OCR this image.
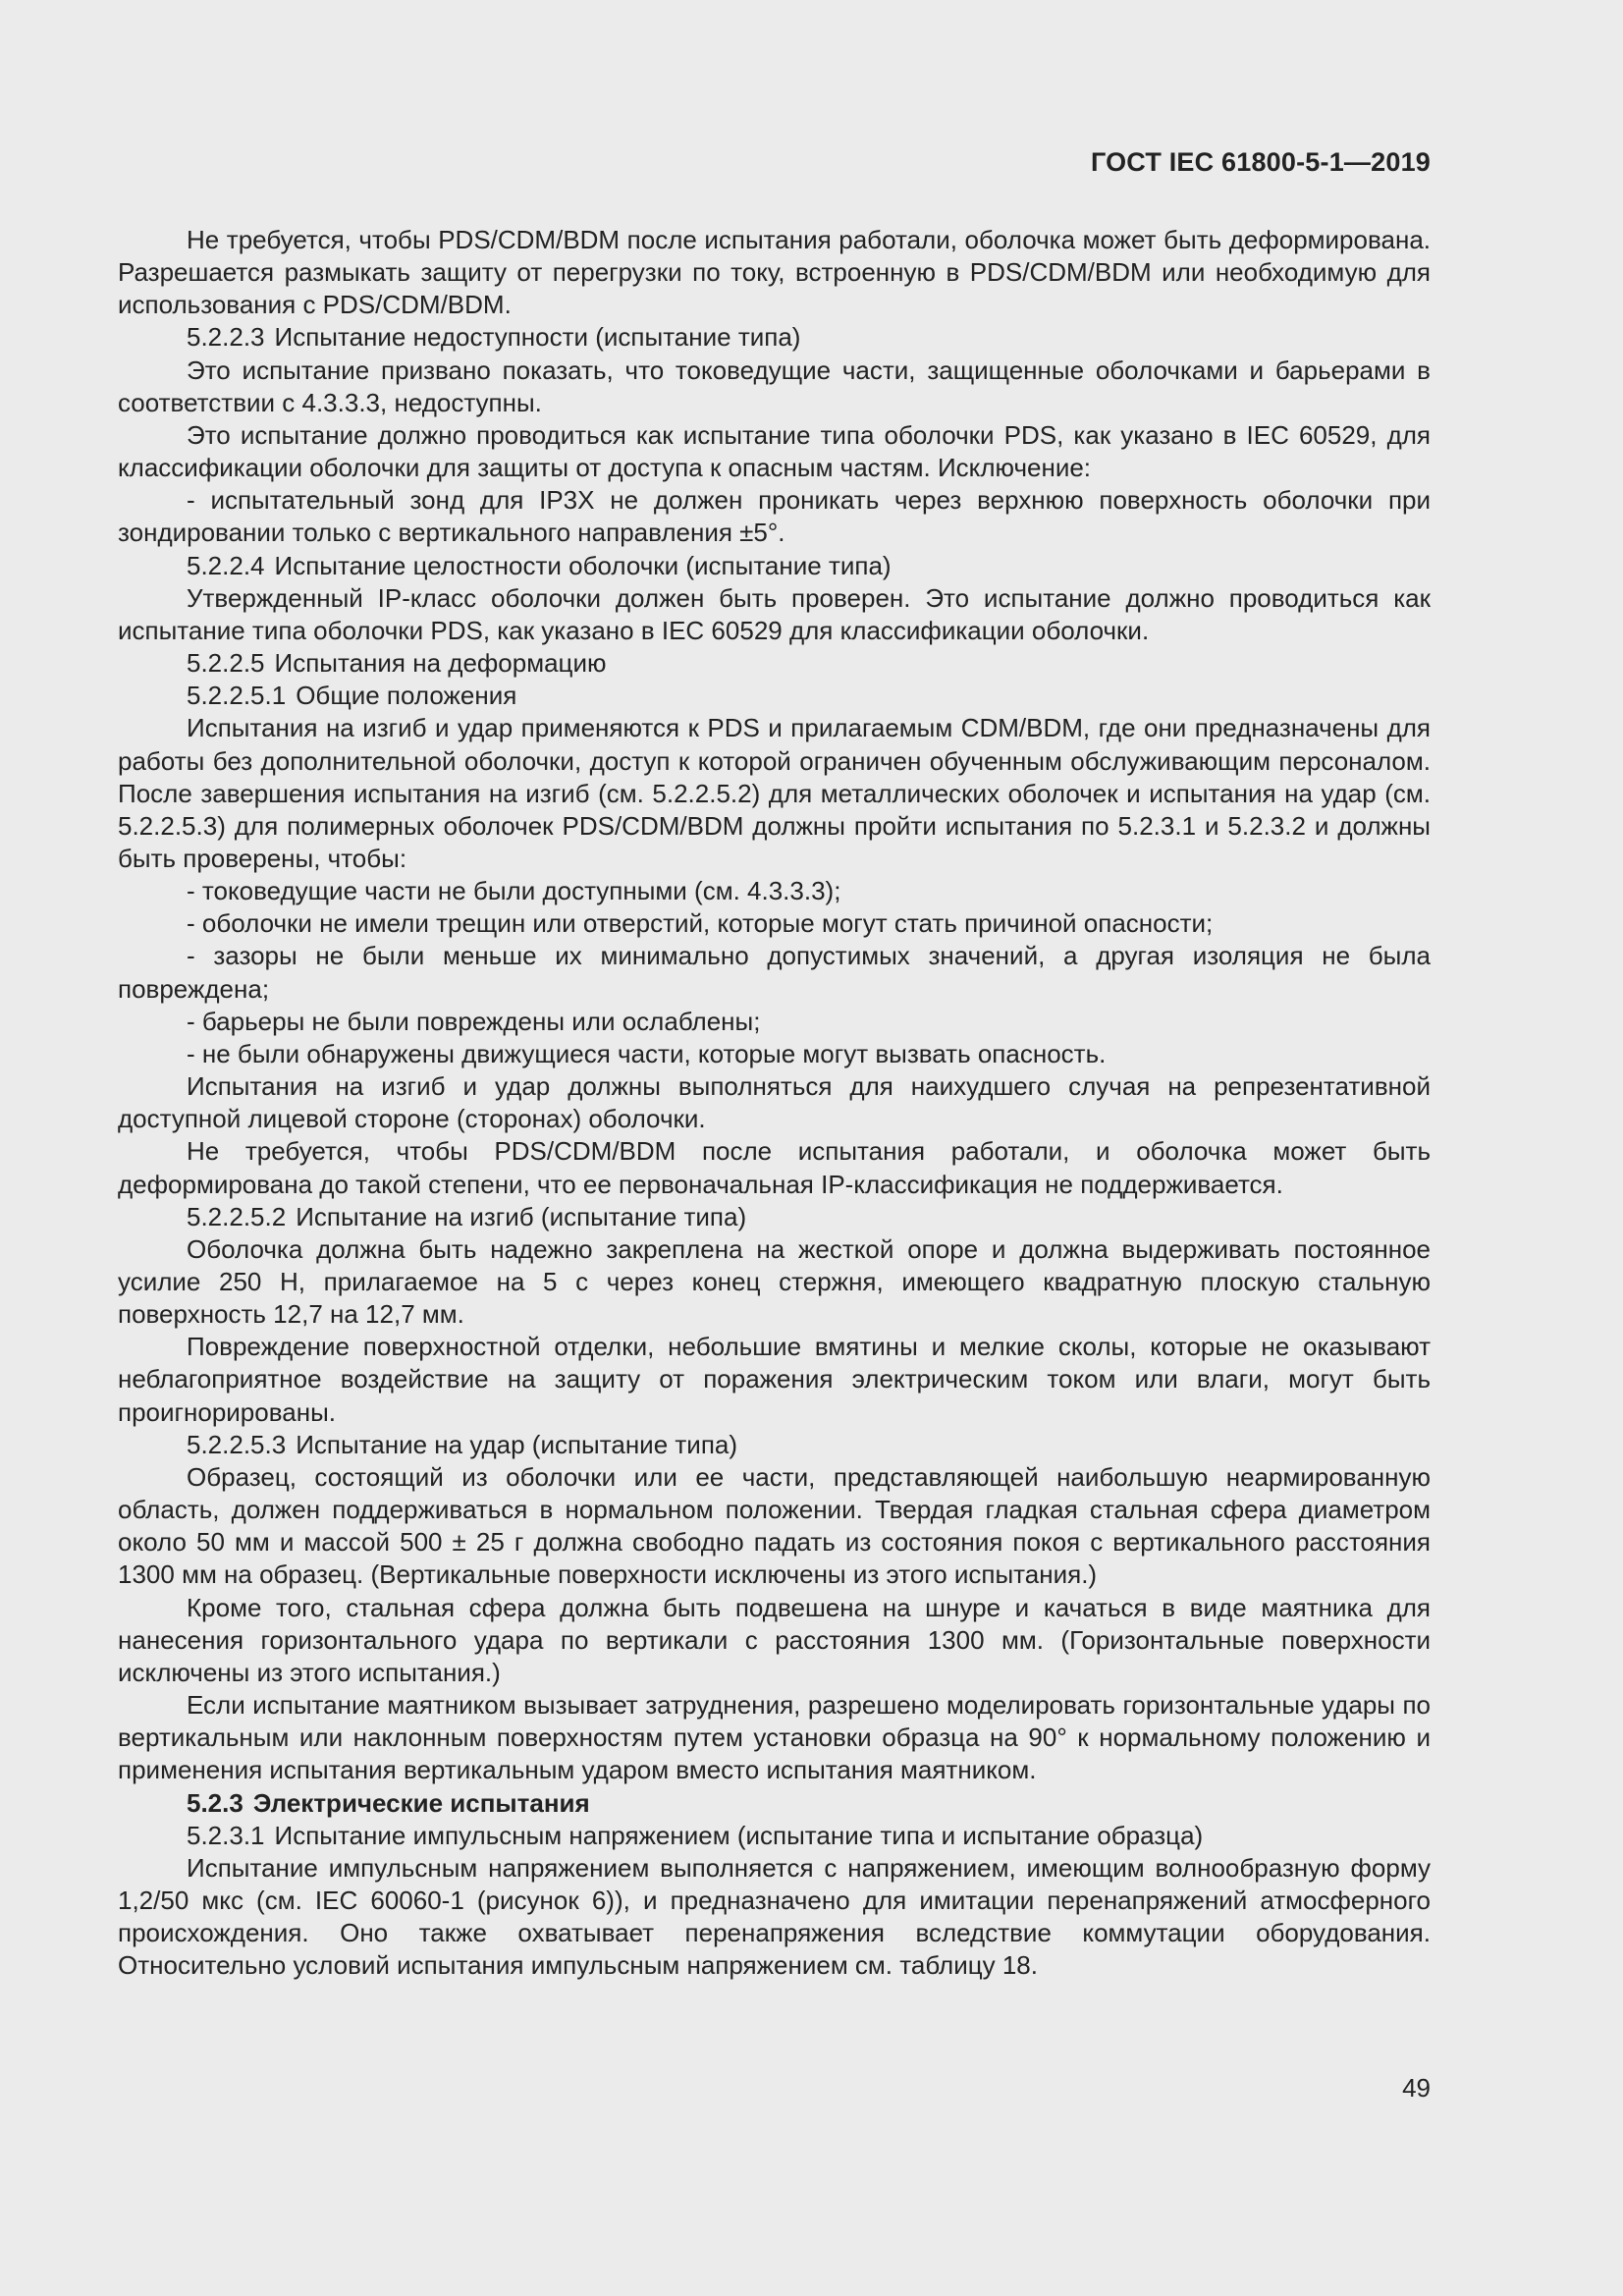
ГОСТ IEC 61800-5-1—2019

Не требуется, чтобы PDS/CDM/BDM после испытания работали, оболочка может быть деформирована. Разрешается размыкать защиту от перегрузки по току, встроенную в PDS/CDM/BDM или необходимую для использования с PDS/CDM/BDM.

5.2.2.3 Испытание недоступности (испытание типа)

Это испытание призвано показать, что токоведущие части, защищенные оболочками и барьерами в соответствии с 4.3.3.3, недоступны.

Это испытание должно проводиться как испытание типа оболочки PDS, как указано в IEC 60529, для классификации оболочки для защиты от доступа к опасным частям. Исключение:

- испытательный зонд для IP3X не должен проникать через верхнюю поверхность оболочки при зондировании только с вертикального направления ±5°.

5.2.2.4 Испытание целостности оболочки (испытание типа)

Утвержденный IP-класс оболочки должен быть проверен. Это испытание должно проводиться как испытание типа оболочки PDS, как указано в IEC 60529 для классификации оболочки.

5.2.2.5 Испытания на деформацию

5.2.2.5.1 Общие положения

Испытания на изгиб и удар применяются к PDS и прилагаемым CDM/BDM, где они предназначены для работы без дополнительной оболочки, доступ к которой ограничен обученным обслуживающим персоналом. После завершения испытания на изгиб (см. 5.2.2.5.2) для металлических оболочек и испытания на удар (см. 5.2.2.5.3) для полимерных оболочек PDS/CDM/BDM должны пройти испытания по 5.2.3.1 и 5.2.3.2 и должны быть проверены, чтобы:

- токоведущие части не были доступными (см. 4.3.3.3);

- оболочки не имели трещин или отверстий, которые могут стать причиной опасности;

- зазоры не были меньше их минимально допустимых значений, а другая изоляция не была повреждена;

- барьеры не были повреждены или ослаблены;

- не были обнаружены движущиеся части, которые могут вызвать опасность.

Испытания на изгиб и удар должны выполняться для наихудшего случая на репрезентативной доступной лицевой стороне (сторонах) оболочки.

Не требуется, чтобы PDS/CDM/BDM после испытания работали, и оболочка может быть деформирована до такой степени, что ее первоначальная IP-классификация не поддерживается.

5.2.2.5.2 Испытание на изгиб (испытание типа)

Оболочка должна быть надежно закреплена на жесткой опоре и должна выдерживать постоянное усилие 250 Н, прилагаемое на 5 с через конец стержня, имеющего квадратную плоскую стальную поверхность 12,7 на 12,7 мм.

Повреждение поверхностной отделки, небольшие вмятины и мелкие сколы, которые не оказывают неблагоприятное воздействие на защиту от поражения электрическим током или влаги, могут быть проигнорированы.

5.2.2.5.3 Испытание на удар (испытание типа)

Образец, состоящий из оболочки или ее части, представляющей наибольшую неармированную область, должен поддерживаться в нормальном положении. Твердая гладкая стальная сфера диаметром около 50 мм и массой 500 ± 25 г должна свободно падать из состояния покоя с вертикального расстояния 1300 мм на образец. (Вертикальные поверхности исключены из этого испытания.)

Кроме того, стальная сфера должна быть подвешена на шнуре и качаться в виде маятника для нанесения горизонтального удара по вертикали с расстояния 1300 мм. (Горизонтальные поверхности исключены из этого испытания.)

Если испытание маятником вызывает затруднения, разрешено моделировать горизонтальные удары по вертикальным или наклонным поверхностям путем установки образца на 90° к нормальному положению и применения испытания вертикальным ударом вместо испытания маятником.

5.2.3 Электрические испытания

5.2.3.1 Испытание импульсным напряжением (испытание типа и испытание образца)

Испытание импульсным напряжением выполняется с напряжением, имеющим волнообразную форму 1,2/50 мкс (см. IEC 60060-1 (рисунок 6)), и предназначено для имитации перенапряжений атмосферного происхождения. Оно также охватывает перенапряжения вследствие коммутации оборудования. Относительно условий испытания импульсным напряжением см. таблицу 18.

49
